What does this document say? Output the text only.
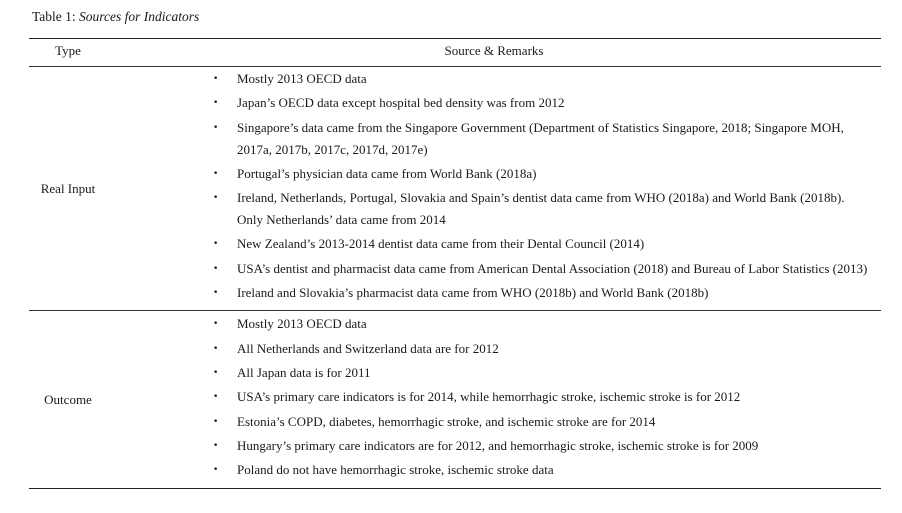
Table 1: Sources for Indicators
Type	Source & Remarks
Real Input
• Mostly 2013 OECD data
• Japan’s OECD data except hospital bed density was from 2012
• Singapore’s data came from the Singapore Government (Department of Statistics Singapore, 2018; Singapore MOH, 2017a, 2017b, 2017c, 2017d, 2017e)
• Portugal’s physician data came from World Bank (2018a)
• Ireland, Netherlands, Portugal, Slovakia and Spain’s dentist data came from WHO (2018a) and World Bank (2018b). Only Netherlands’ data came from 2014
• New Zealand’s 2013-2014 dentist data came from their Dental Council (2014)
• USA’s dentist and pharmacist data came from American Dental Association (2018) and Bureau of Labor Statistics (2013)
• Ireland and Slovakia’s pharmacist data came from WHO (2018b) and World Bank (2018b)
Outcome
• Mostly 2013 OECD data
• All Netherlands and Switzerland data are for 2012
• All Japan data is for 2011
• USA’s primary care indicators is for 2014, while hemorrhagic stroke, ischemic stroke is for 2012
• Estonia’s COPD, diabetes, hemorrhagic stroke, and ischemic stroke are for 2014
• Hungary’s primary care indicators are for 2012, and hemorrhagic stroke, ischemic stroke is for 2009
• Poland do not have hemorrhagic stroke, ischemic stroke data
